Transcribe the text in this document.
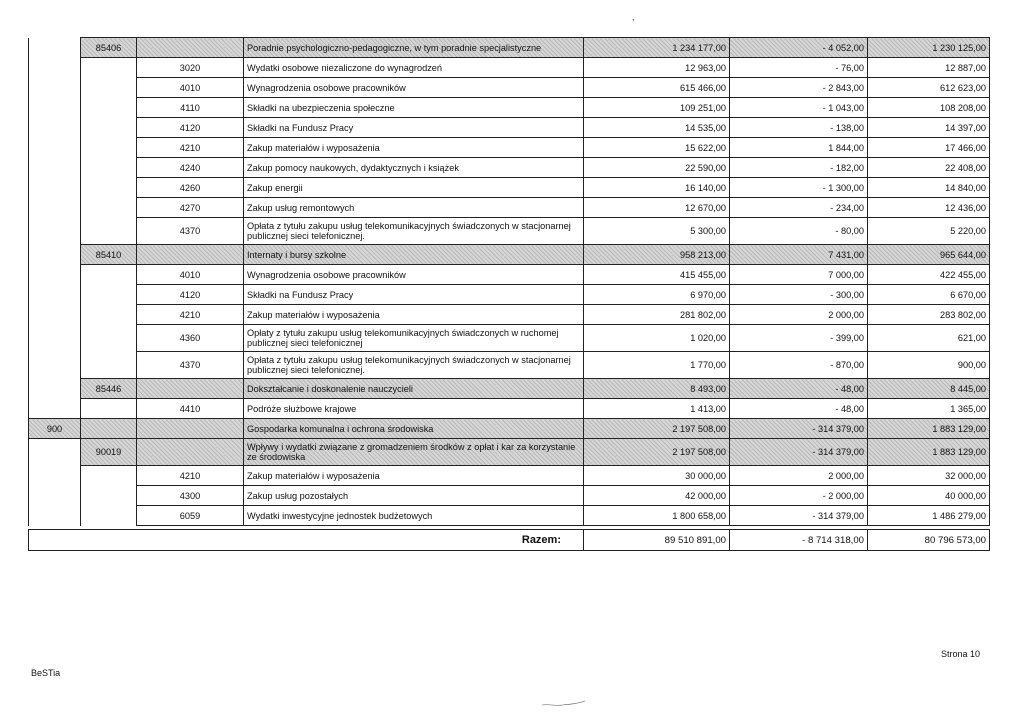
,
	85406		Poradnie psychologiczno-pedagogiczne, w tym poradnie specjalistyczne	1 234 177,00	- 4 052,00	1 230 125,00
		3020	Wydatki osobowe niezaliczone do wynagrodzeń	12 963,00	- 76,00	12 887,00
		4010	Wynagrodzenia osobowe pracowników	615 466,00	- 2 843,00	612 623,00
		4110	Składki na ubezpieczenia społeczne	109 251,00	- 1 043,00	108 208,00
		4120	Składki na Fundusz Pracy	14 535,00	- 138,00	14 397,00
		4210	Zakup materiałów i wyposażenia	15 622,00	1 844,00	17 466,00
		4240	Zakup pomocy naukowych, dydaktycznych i książek	22 590,00	- 182,00	22 408,00
		4260	Zakup energii	16 140,00	- 1 300,00	14 840,00
		4270	Zakup usług remontowych	12 670,00	- 234,00	12 436,00
		4370	Opłata z tytułu zakupu usług telekomunikacyjnych świadczonych w stacjonarnej publicznej sieci telefonicznej.	5 300,00	- 80,00	5 220,00
	85410		Internaty i bursy szkolne	958 213,00	7 431,00	965 644,00
		4010	Wynagrodzenia osobowe pracowników	415 455,00	7 000,00	422 455,00
		4120	Składki na Fundusz Pracy	6 970,00	- 300,00	6 670,00
		4210	Zakup materiałów i wyposażenia	281 802,00	2 000,00	283 802,00
		4360	Opłaty z tytułu zakupu usług telekomunikacyjnych świadczonych w ruchomej publicznej sieci telefonicznej	1 020,00	- 399,00	621,00
		4370	Opłata z tytułu zakupu usług telekomunikacyjnych świadczonych w stacjonarnej publicznej sieci telefonicznej.	1 770,00	- 870,00	900,00
	85446		Dokształcanie i doskonalenie nauczycieli	8 493,00	- 48,00	8 445,00
		4410	Podróże służbowe krajowe	1 413,00	- 48,00	1 365,00
900			Gospodarka komunalna i ochrona środowiska	2 197 508,00	- 314 379,00	1 883 129,00
	90019		Wpływy i wydatki związane z gromadzeniem środków z opłat i kar za korzystanie ze środowiska	2 197 508,00	- 314 379,00	1 883 129,00
		4210	Zakup materiałów i wyposażenia	30 000,00	2 000,00	32 000,00
		4300	Zakup usług pozostałych	42 000,00	- 2 000,00	40 000,00
		6059	Wydatki inwestycyjne jednostek budżetowych	1 800 658,00	- 314 379,00	1 486 279,00
Razem:	89 510 891,00	- 8 714 318,00	80 796 573,00
BeSTia
Strona 10
